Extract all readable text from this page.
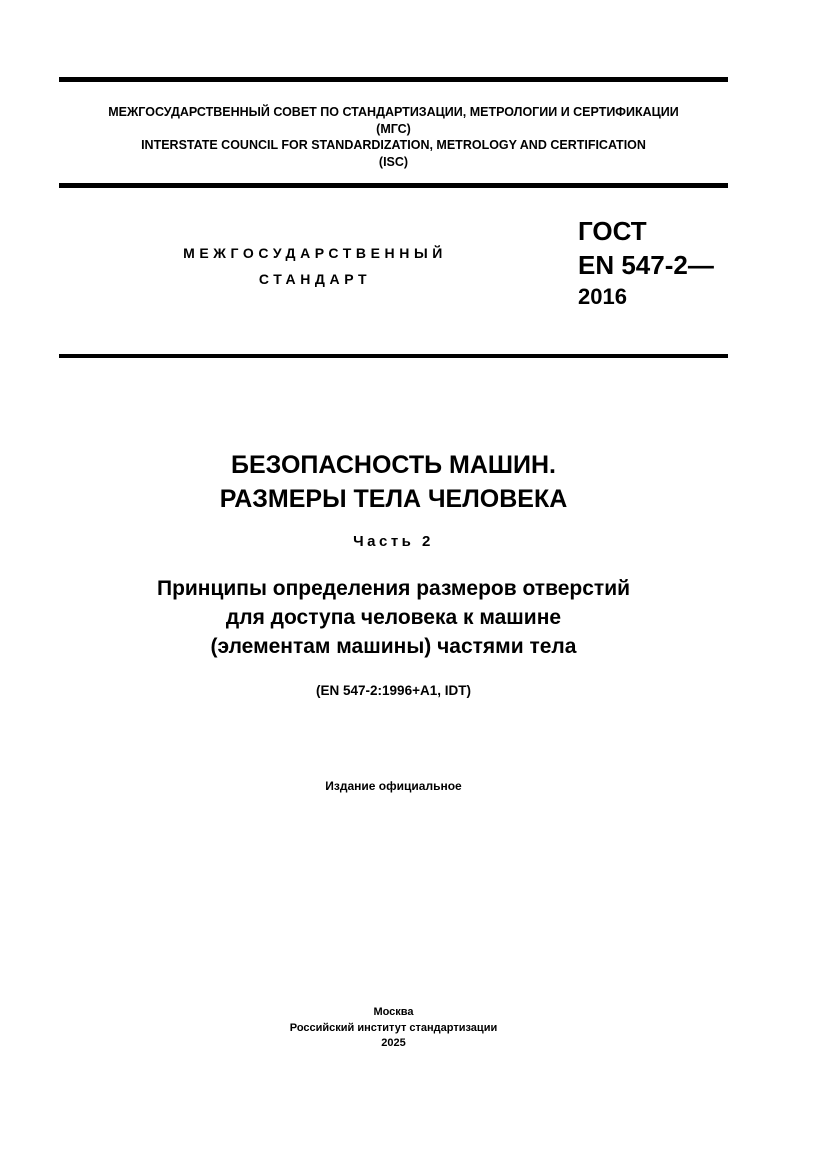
МЕЖГОСУДАРСТВЕННЫЙ СОВЕТ ПО СТАНДАРТИЗАЦИИ, МЕТРОЛОГИИ И СЕРТИФИКАЦИИ
(МГС)
INTERSTATE COUNCIL FOR STANDARDIZATION, METROLOGY AND CERTIFICATION
(ISC)
МЕЖГОСУДАРСТВЕННЫЙ
СТАНДАРТ
ГОСТ
EN 547-2—
2016
БЕЗОПАСНОСТЬ МАШИН.
РАЗМЕРЫ ТЕЛА ЧЕЛОВЕКА
Часть 2
Принципы определения размеров отверстий
для доступа человека к машине
(элементам машины) частями тела
(EN 547-2:1996+A1, IDT)
Издание официальное
Москва
Российский институт стандартизации
2025
